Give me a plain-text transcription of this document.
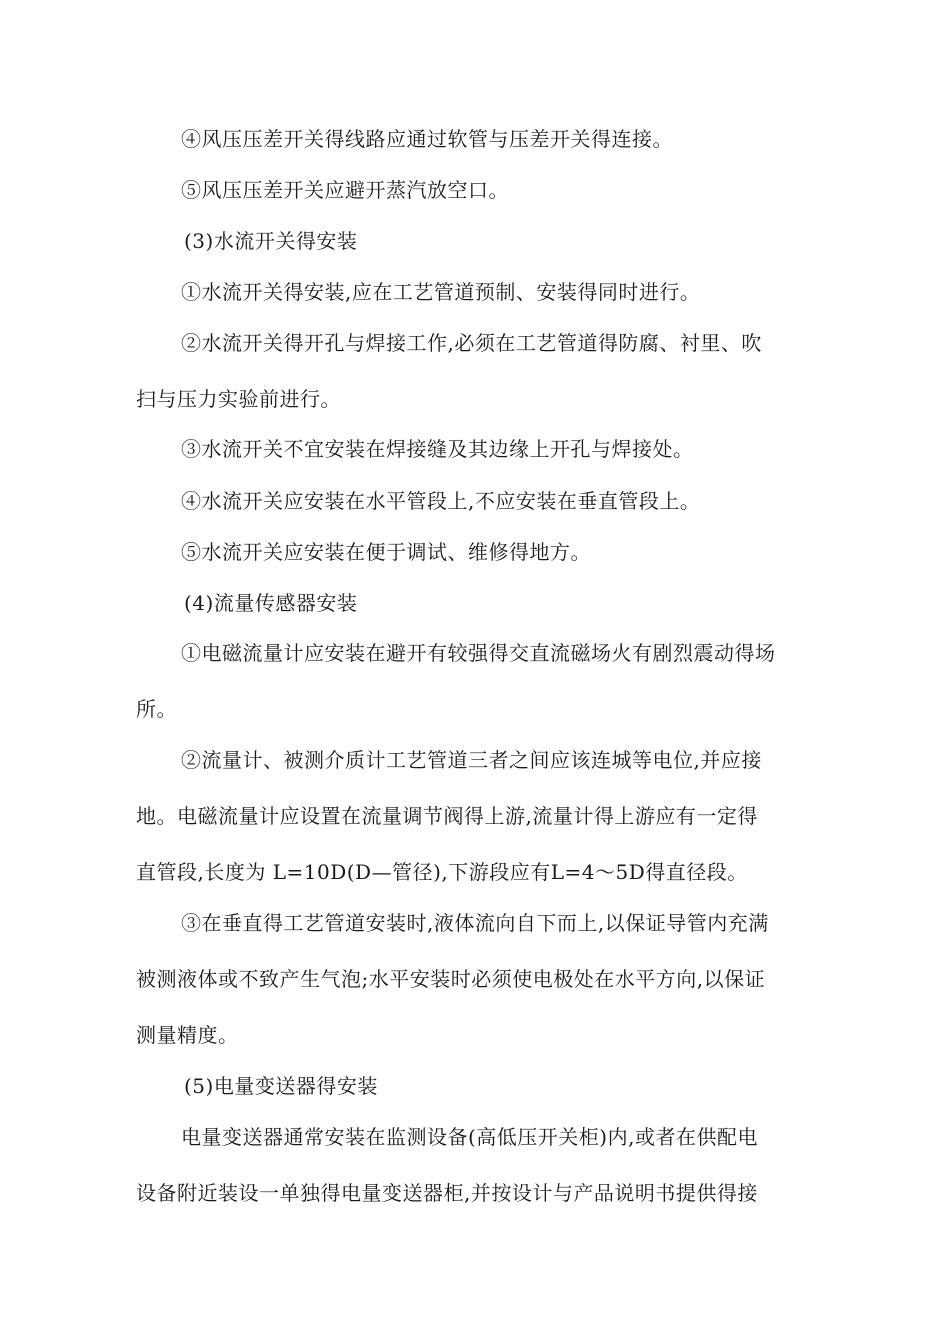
④风压压差开关得线路应通过软管与压差开关得连接。
⑤风压压差开关应避开蒸汽放空口。
(3)水流开关得安装
①水流开关得安装,应在工艺管道预制、安装得同时进行。
②水流开关得开孔与焊接工作,必须在工艺管道得防腐、衬里、吹
扫与压力实验前进行。
③水流开关不宜安装在焊接缝及其边缘上开孔与焊接处。
④水流开关应安装在水平管段上,不应安装在垂直管段上。
⑤水流开关应安装在便于调试、维修得地方。
(4)流量传感器安装
①电磁流量计应安装在避开有较强得交直流磁场火有剧烈震动得场
所。
②流量计、被测介质计工艺管道三者之间应该连城等电位,并应接
地。电磁流量计应设置在流量调节阀得上游,流量计得上游应有一定得
直管段,长度为 L=10D(D—管径),下游段应有L=4～5D得直径段。
③在垂直得工艺管道安装时,液体流向自下而上,以保证导管内充满
被测液体或不致产生气泡;水平安装时必须使电极处在水平方向,以保证
测量精度。
(5)电量变送器得安装
电量变送器通常安装在监测设备(高低压开关柜)内,或者在供配电
设备附近装设一单独得电量变送器柜,并按设计与产品说明书提供得接
